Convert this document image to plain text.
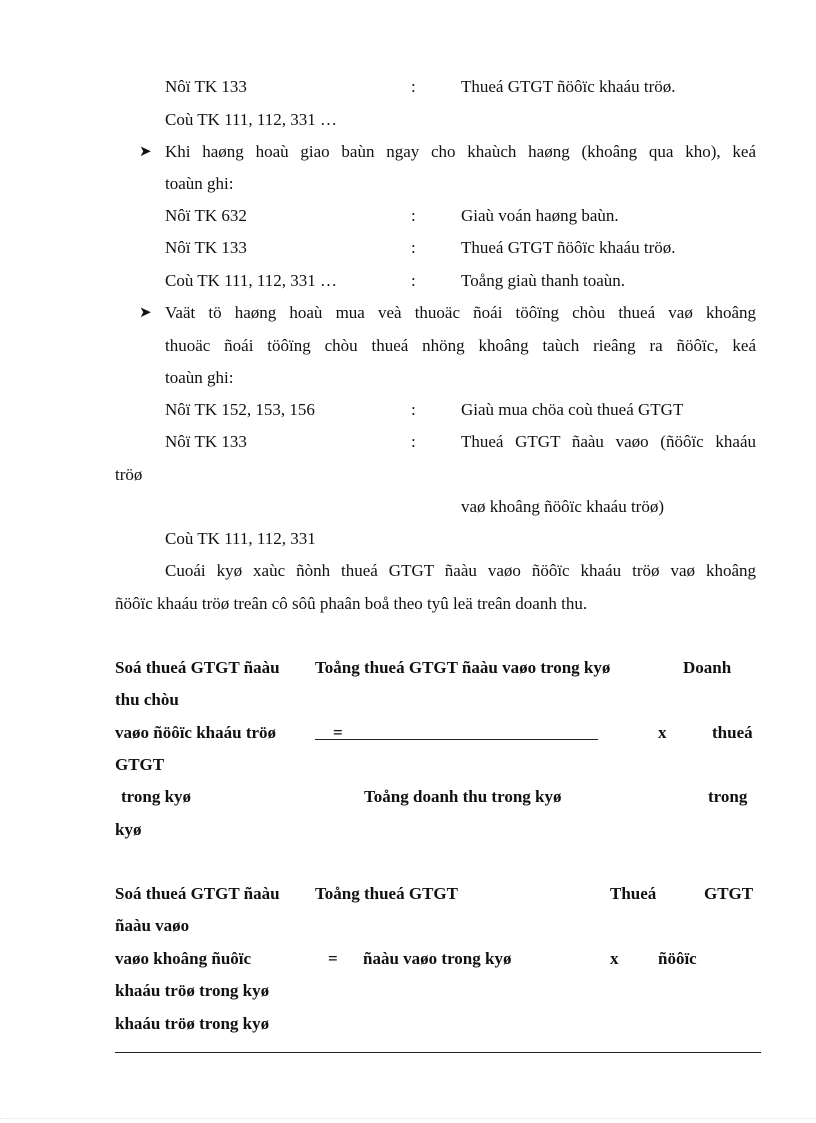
Nôï TK 133	:	Thueá GTGT ñöôïc khaáu tröø.
Coù TK 111, 112, 331 …
➤ Khi haøng hoaù giao baùn ngay cho khaùch haøng (khoâng qua kho), keá
toaùn ghi:
Nôï TK 632	:	Giaù voán haøng baùn.
Nôï TK 133	:	Thueá GTGT ñöôïc khaáu tröø.
Coù TK 111, 112, 331 …	:	Toång giaù thanh toaùn.
➤ Vaät tö haøng hoaù mua veà thuoäc ñoái töôïng chòu thueá vaø khoâng
thuoäc ñoái töôïng chòu thueá nhöng khoâng taùch rieâng ra ñöôïc, keá
toaùn ghi:
Nôï TK 152, 153, 156	:	Giaù mua chöa coù thueá GTGT
Nôï TK 133	:	Thueá GTGT ñaàu vaøo (ñöôïc khaáu
tröø
vaø khoâng ñöôïc khaáu tröø)
Coù TK 111, 112, 331
Cuoái kyø xaùc ñònh thueá GTGT ñaàu vaøo ñöôïc khaáu tröø vaø khoâng
ñöôïc khaáu tröø treân cô sôû phaân boå theo tyû leä treân doanh thu.
Soá thueá GTGT ñaàu Toång thueá GTGT ñaàu vaøo trong kyø	Doanh
thu chòu
vaøo ñöôïc khaáu tröø	=	x	thueá
GTGT
trong kyø	Toång doanh thu trong kyø	trong
kyø
Soá thueá GTGT ñaàu Toång thueá GTGT	Thueá	GTGT
ñaàu vaøo
vaøo khoâng ñuôïc	= ñaàu vaøo trong kyø	x ñöôïc
khaáu tröø trong kyø
khaáu tröø trong kyø
